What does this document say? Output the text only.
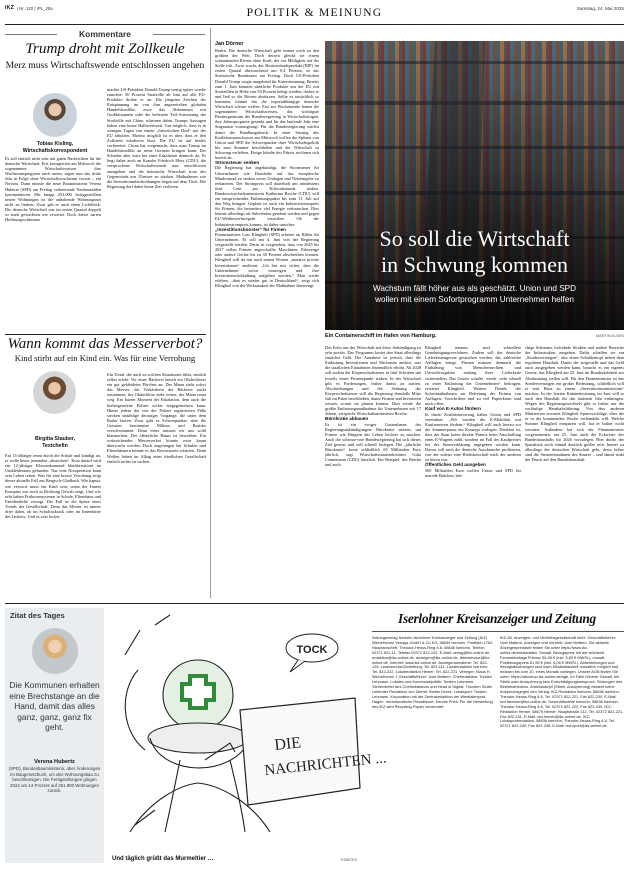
IKZ | Nr. 120 | IPL_25a	POLITIK & MEINUNG	Samstag, 24. Mai 2025
Kommentare
Trump droht mit Zollkeule
Merz muss Wirtschaftswende entschlossen angehen
Tobias Kisling,
Wirtschaftskorrespondent
Es soll einfach nicht sein mit guten Nachrichten für die deutsche Wirtschaft: Erst korrigierten am Mittwoch die sogenannten Wirtschaftsweisen ihre Wachstumsprognose nach unten, sagen nun das dritte Jahr in Folge ohne Wirtschaftswachstum voraus – ein Novum. Dann musste die neue Bauministerin Verena Hubertz (SPD) am Freitag verheerende Neubauzahlen kommentieren. Mit knapp 252.000 fertiggestellten neuen Wohnungen ist die anhaltende Wohnungsnot nicht zu lindern. Zwar gab es auch einen Lichtblick: Die deutsche Wirtschaft war im ersten Quartal doppelt so stark gewachsen wie erwartet. Doch dieser zarten Hoffnungsschimmer
machte US-Präsident Donald Trump wenig später wieder zunichte: 50 Prozent Strafzölle ab Juni auf alle EU-Produkte drohte er an. Die jüngsten Zeichen der Entspannung im von ihm angezettelten globalen Handelskonflikt, etwa das Abkommen mit Großbritannien oder die befristete Teil-Aussetzung der Strafzölle mit China, scheinen dahin. Trumps Aussagen haben eine kurze Halbwertszeit. Gut möglich, dass er in wenigen Tagen von einem „historischen Deal“ mit der EU fabuliert. Ebenso möglich ist es aber, dass er den Zollstreit eskalieren lässt. Die EU ist auf beides vorbereitet. China hat vorgemacht, dass man Trump im Handelskonflikt an seine Grenzen bringen kann. Der Schaden aber wäre bei einer Eskalation dennoch da. Es liegt daher auch an Kanzler Friedrich Merz (CDU), die versprochene Wirtschaftswende nun entschlossen anzugehen und die heimische Wirtschaft trotz des Gegenwinds aus Übersee zu stärken. Maßnahmen wie die Investitionsabschreibungen liegen auf dem Tisch. Die Regierung darf dabei keine Zeit verlieren.
Wann kommt das Messerverbot?
Kind stirbt auf ein Kind ein. Was für eine Verrohung
Birgitta Stauber,
Textchefin
Ein 13-Jähriger rennt durch die Schule und kündigt an, er wolle heute jemanden „abstechen“. Kurz darauf wird ein 12-jähriger Klassenkamerad blutüberströmt im Umkleideraum gefunden. Nur eine Notoperation kann sein Leben retten. Was für eine krasse Verrohung zeigt dieser aktuelle Fall aus Bergisch-Gladbach. Wie kaputt, wie verwirrt muss ein Kind sein, wenn der Innere Kompass nur noch in Richtung Gewalt zeigt. Und wie sehr haben Frühwarnsysteme in Schule, Elternhaus und Familienhilfe versagt. Der Fall ist die Spitze eines Trends der Gesellschaft: Denn das Messer ist immer öfter dabei, ob im Schulrucksack oder im Innenfutter des Jacketts. Und es sitzt locker.
Ein Trend, der auch zu solchen Situationen führt, neulich selbst erlebt: Vor einer Bäckerei bettelt ein Obdachloser ein gut gekleidetes Pärchen an. Der Mann zieht sofort das Messer, die Verkäuferin der Bäckerei zuckt zusammen, der Obdachlose zieht weiter, der Mann rennt weg. Ein kurzer Moment der Eskalation, dem auch die herbeigerufene Polizei nichts entgegensetzen kann. Hinter jedem der von der Polizei registrierten Fälle stecken unzählige derartiger Vorgänge, die unter dem Radar laufen. Zwar gibt es Schwerpunkte, aber die Grenzen bestimmter Milieus und Bezirke verschwimmen. Denn eines müssen wir uns wohl klarmachen: Der öffentliche Raum ist bewaffnet. Ein weitreichendes Messerverbot könnte zwar kaum überwacht werden. Doch angefangen bei Schulen und Elternhäusern könnte es das Bewusstsein schärfen. Denn Waffen haben im Alltag einer friedlichen Gesellschaft einfach nichts zu suchen.
Jan Dörner

Berlin. Die deutsche Wirtschaft geht immer noch zu den größten der Welt. Doch derzeit gleicht sie einem schnaufenden Riesen ohne Kraft, der vor Müdigkeit auf der Stelle tritt. Zwar wuchs das Bruttoinlandsprodukt (BIP) im ersten Quartal überraschend um 0,4 Prozent, so das Statistische Bundesamt am Freitag. Doch US-Präsident Donald Trump sorgte umgehend für Katerstimmung: Bereits zum 1. Juni könnten sämtliche Produkte aus der EU mit Strafzöllen in Höhe von 50 Prozent belegt werden, drohte er und ließ so die Börsen abstürzen. Sollte es tatsächlich so kommen, könnte das die exportabhängige deutsche Wirtschaft schwer treffen. Erst zur Wochenmitte hatten die sogenannten Wirtschaftsweisen, das wichtigste Beratergremium der Bundesregierung in Wirtschaftsfragen, ihre Jahresprognose gesenkt und für das laufende Jahr eine Stagnation vorausgesagt. Für die Bundesregierung wächst damit der Handlungsdruck. In einer Sitzung des Koalitionsausschusses am Mittwoch wollen die Spitzen von Union und SPD die Schwerpunkte ihrer Wirtschaftspolitik bis zum Sommer beschließen und der Wirtschaft so Schwung verleihen. Einige Inhalte des Pakets zeichnen sich bereits ab.

Stromsteuer senken

Die Regierung hat angekündigt, die Stromsteuer für Unternehmen wie Haushalte auf das europäische Mindestmaß zu senken sowie Umlagen und Netzentgelte zu reduzieren. Der Strompreis soll dauerhaft um mindestens fünf Cent pro Kilowattstunde sinken. Bundeswirtschaftsministerin Katherina Reiche (CDU) will ein entsprechendes Entlastungspaket bis zum 11. Juli auf den Weg bringen. Geplant ist auch ein Industriestrompreis für Firmen, die besonders viel Energie verbrauchen. Dies könnte allerdings als Subvention gesehen werden und gegen EU-Wettbewerbsregeln verstoßen. Ob der Industriestrompreis kommt, ist daher unsicher.

„Investitionsbooster“ für Firmen

Finanzminister Lars Klingbeil (SPD) arbeitet an Hilfen für Unternehmen. Er soll am 4. Juni von der Regierung vorgestellt werden. Darin ist vorgesehen, dass von 2025 bis 2027 sollen Firmen angeschaffte Maschinen, Fahrzeuge oder andere Geräte bis zu 30 Prozent abschreiben können. Klingbeil will da mit nach seinen Worten „massive private Investitionen“ auslösen. „Ich bin mir sicher, dass die Unternehmen sofort einsteigen und ihre Investitionsrückhaltung aufgeben werden.“ Man werde erleben, „dass es wieder gut in Deutschland“, zeigt sich Klingbeil von der Wirksamkeit der Maßnahme überzeugt.

So soll die Wirtschaft
in Schwung kommen
Wachstum fällt höher aus als geschätzt. Union und SPD
wollen mit einem Sofortprogramm Unternehmen helfen
Ein Containerschiff im Hafen von Hamburg.	MARTIN ELSEN

Das Echo aus der Wirtschaft auf diese Ankündigung ist sehr positiv. Das Programm kostet den Staat allerdings zunächst Geld. Die Annahme ist jedoch, dass die Entlastung Investitionen und Wachstum auslöst, was die staatlichen Einnahmen letztendlich erhöht. Ab 2028 soll zudem die Körperschaftsteuer in fünf Schritten um jeweils einen Prozentpunkt sinken. In der Wirtschaft gibt es Forderungen, früher damit zu starten. Abschreibungen und die Senkung der Körperschaftsteuer will die Regierung ebenfalls Mitte Juli im Paket beschließen, damit Firmen und Investoren wissen, womit sie planen können. Dies werde die größte Entlastungsmaßnahme für Unternehmen seit 17 Jahren, verspricht Wirtschaftsministerin Reiche.

Bürokratie abbauen

Es ist ein ewiger Gassenhauer der Regierungsankündigungen: Bürokratie stutzen, um Firmen wie Bürgern das Leben leichter zu machen. Auch die schwarz-rote Bundesregierung hat sich dieses Ziel gesetzt und will schnell loslegen. Die „jährliche Bürokratie“ koste schließlich 65 Milliarden Euro jährlich, sagt Wirtschaftsstaatssekretärin Gitta Connemann (CDU) kürzlich. Ein Beispiel, das Reiche und auch

Klingbeil nennen, sind schnellere Genehmigungsverfahren. Zudem soll das deutsche Lieferkettengesetz gestrichen werden, das zahlreiche Auflagen bringt. Firmen müssen demnach die Einhaltung von Menschenrechten und Umweltvorgaben entlang ihrer Lieferkette sicherstellen. Das Gesetz schaffe, werde „sehr schnell zu einer Entlastung der Unternehmen“ beitragen, erwartet Klingbeil. Weitere Details der Sofortmaßnahmen zur Befreiung der Firmen von Auflagen, Vorschriften und zu viel Papierkram sind noch offen.

Kauf von E-Autos fördern

In ihrem Koalitionsvertrag haben Union und SPD vereinbart: „Wir werden die E-Mobilität mit Kaufanreizen fördern.“ Klingbeil will auch hierzu vor der Sommerpause ein Konzept vorlegen. Denkbar ist, dass der Staat keine direkte Prämie beim Anschaffung eines E-Wagens zahlt, sondern im Fall des Kaufpreises bei der Steuererklärung angegeben werden kann. Davon soll nach die deutsche Autobranche profitieren, von der zuletzt eine Hiobsbotschaft nach der anderen zu hören war.

Öffentliches Geld ausgeben

500 Milliarden Euro wollen Union und SPD für marode Brücken, brü-

chige Schienen, bröselnde Straßen und andere Bereiche der Infrastruktur ausgeben. Dafür schaffen sie ein „Sondervermögen“, also einen Schuldentopf neben dem regulären Haushalt. Damit der aufgestellt und das Geld auch ausgegeben werden kann, braucht es ein eigenes Gesetz, das Klingbeil am 25. Juni im Bundeskabinett zur Abstimmung stellen will. Für den Finanzminister ist das Sondervermögen ein großer Bedeutung, schließlich will er sein Haus zu einem „Investitionsministerium“ machen. In der letzten Kabinettssitzung im Juni will er auch den Haushalt für das laufende Jahr einbringen. Wegen des Regierungswechsels gibt es bisher nur die vorläufige Haushaltsführung. Von den anderen Ministerien erwartet Klingbeil Sparvorschläge, über die er in der kommenden Woche verhandeln will. Welche Summe Klingbeil einsparen will, hat er bisher nicht verraten. Außerdem hat sich der Finanzminister vorgenommen, am 25. Juni auch die Eckwerte des Bundeshaushalts für 2026 vorzulegen. Hier dürfte der Spardruck noch einmal deutlich größer sein. Immer zu allerdings der deutschen Wirtschaft geht, desto höher sind die Steuereinnahmen des Staates – und damit sinkt der Druck auf den Bundeshaushalt.
Zitat des Tages
Die Kommunen erhalten eine Brechstange an die Hand, damit das alles ganz, ganz, ganz fix geht.
Verena Hubertz
(SPD), Bundesbauministerin, über Änderungen im Baugesetzbuch, um den Wohnungsbau zu beschleunigen. Die Fertigstellungen gingen 2024 um 14 Prozent auf 251.900 Wohnungen zurück.
TOCK
DIE
NACHRICHTEN ...
Und täglich grüßt das Murmeltier …	TOMICEK
Iserlohner Kreisanzeiger und Zeitung
Zeitungsverlag Iserlohn Iserlohner Kreisanzeiger und Zeitung (IKZ) Wichelhoven Verlags-GmbH & Co KG, 58634 Iserlohn, Postfach 1762. Hauptanschrift: Theodor-Heuss-Ring 4-6, 58636 Iserlohn, Telefon 02371 822-11, Telefax 02371 822-102. E-Mail: verlag@ikz-online.de, redaktion@ikz-online.de, anzeigen@ikz-online.de, leserservice@ikz-online.de. Internet: www.ikz-online.de. Anzeigenannahme: Tel. 822-126. Leserservice/Zustellung: Tel. 822-111. Lokalredaktion Iserlohn: Tel. 822-222. Lokalredaktion Hemer: Tel. 822-231. Verleger: Klaus H. Wichelhoven † Geschäftsführer: Uwe Mattern. Chefredakteur: Torsten Lehmann. Lokales und Kommunalpolitik: Torsten Lehmann. Stellvertreter des Chefredakteurs und Head of Digital: Thorsten Stolte. Leitender Redakteur von Dienst: Stefan Drees. Lokalsport: Torsten Lehmann. Korporation mit der Zentralredaktion der Westfalenpost, Hagen. Verantwortliche Redakteure: Dennis Pries. Für die Herstellung des IKZ wird Recycling-Papier verwendet.
IKZ-AV, Anzeigen- und Vertriebsgesellschaft mbH. Geschäftsführer: Uwe Mattern. Anzeigen und Vertrieb: Uwe Mattern. Die aktuelle Anzeigenpreisliste finden Sie unter https://www.ikz-online.de/mediadaten. Monatl. Bezugspreis mit der wöchentl. Fernsehbeilage Prisma: 56,99 € (inkl. 5,60 € MWSt.), monatl. Postbezugspreis 61,99 € (inkl. 6,06 € MWSt.). Abbestellungen und Bezugsänderungen sind nach Mindestlaufzeit monatlich möglich und müssen bis zum 20. eines Monats vorliegen. Unsere AGB finden Sie unter: https://aboshop.ikz-online.de/agb. Im Falle höherer Gewalt, bei Streik oder Aussperrung kein Entschädigungsanspruch. Störungen des Betriebsfriedens, Arbeitskampf (Streik, Aussperrung) besteht keine Anspruchsgegen den Verlag. IKZ-Redaktion Iserlohn, 58636 Iserlohn, Theodor-Heuss-Ring 4-6, Tel. 02371 822-221, Fax 822-230, E-Mail: red.iserlohn@ikz-online.de. Geschäftsstelle Iserlohn, 58636 Iserlohn, Theodor-Heuss-Ring 4-6, Tel. 02371 822-222, Fax 822-230. IKZ-Redaktion Hemer, 58675 Hemer, Hauptstraße 212, Tel. 02372 822-221, Fax 822-231, E-Mail: red.hemer@ikz-online.de. IKZ-Lokalsportredaktion, 58636 Iserlohn, Theodor-Heuss-Ring 4-6, Tel. 02371 822-240, Fax 822-238, E-Mail: red.sport@ikz-online.de.
